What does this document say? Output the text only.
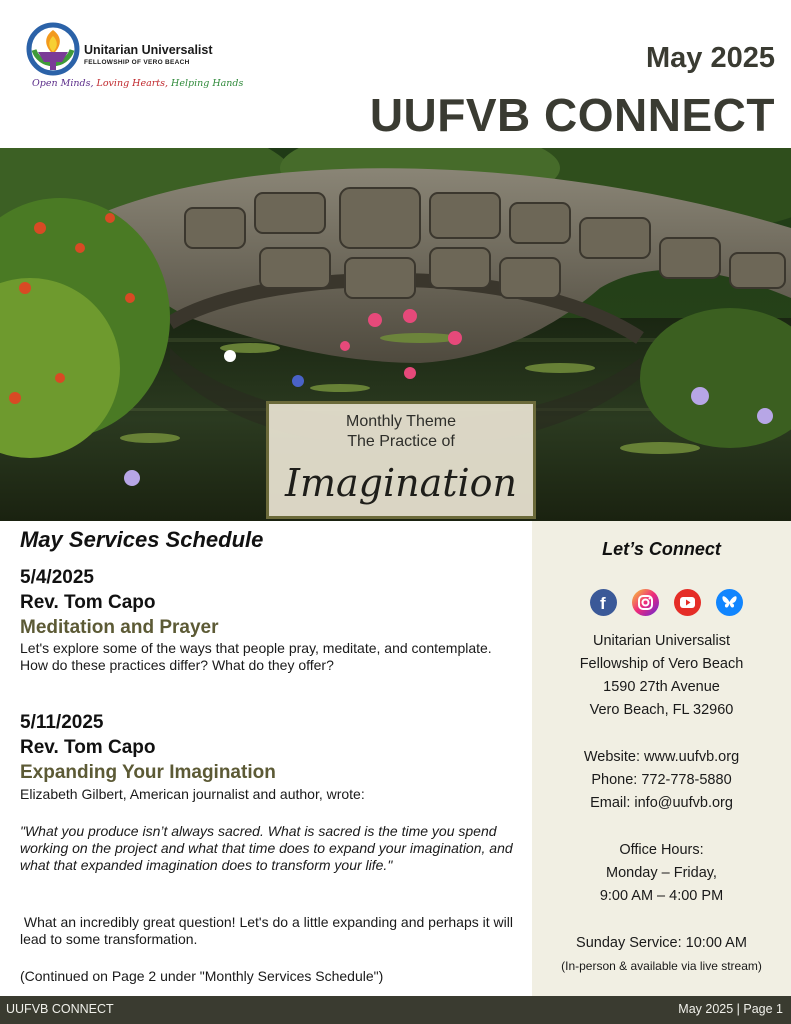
Unitarian Universalist
FELLOWSHIP OF VERO BEACH
Open Minds, Loving Hearts, Helping Hands
May 2025
UUFVB CONNECT
Monthly Theme
The Practice of
Imagination
May Services Schedule
5/4/2025
Rev. Tom Capo
Meditation and Prayer
Let's explore some of the ways that people pray, meditate, and contemplate. How do these practices differ? What do they offer?
5/11/2025
Rev. Tom Capo
Expanding Your Imagination
Elizabeth Gilbert, American journalist and author, wrote:
"What you produce isn’t always sacred. What is sacred is the time you spend working on the project and what that time does to expand your imagination, and what that expanded imagination does to transform your life."
What an incredibly great question! Let's do a little expanding and perhaps it will lead to some transformation.
(Continued on Page 2 under "Monthly Services Schedule")
Let’s Connect
f
Unitarian Universalist
Fellowship of Vero Beach
1590 27th Avenue
Vero Beach, FL 32960
Website: www.uufvb.org
Phone: 772-778-5880
Email: info@uufvb.org
Office Hours:
Monday – Friday,
9:00 AM – 4:00 PM
Sunday Service: 10:00 AM
(In-person & available via live stream)
UUFVB CONNECT	May 2025 | Page 1
